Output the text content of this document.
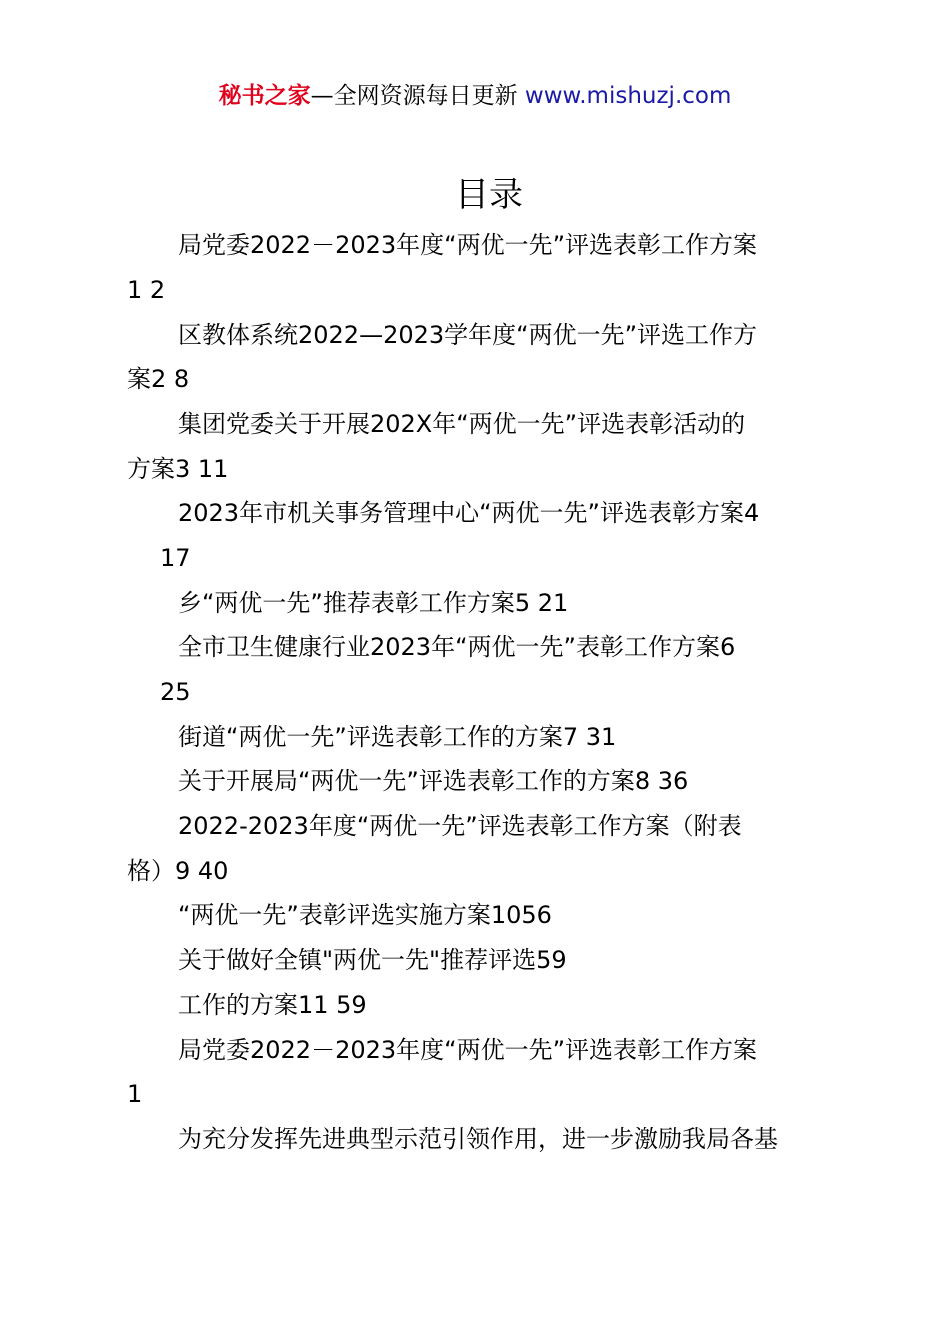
秘书之家—全网资源每日更新 www.mishuzj.com
目录

局党委2022－2023年度“两优一先”评选表彰工作方案

1 2

区教体系统2022—2023学年度“两优一先”评选工作方

案2 8

集团党委关于开展202X年“两优一先”评选表彰活动的

方案3 11

2023年市机关事务管理中心“两优一先”评选表彰方案4

17

乡“两优一先”推荐表彰工作方案5 21

全市卫生健康行业2023年“两优一先”表彰工作方案6

25

街道“两优一先”评选表彰工作的方案7 31

关于开展局“两优一先”评选表彰工作的方案8 36

2022-2023年度“两优一先”评选表彰工作方案（附表

格）9 40

“两优一先”表彰评选实施方案1056

关于做好全镇"两优一先"推荐评选59

工作的方案11 59

局党委2022－2023年度“两优一先”评选表彰工作方案

1

为充分发挥先进典型示范引领作用，进一步激励我局各基
